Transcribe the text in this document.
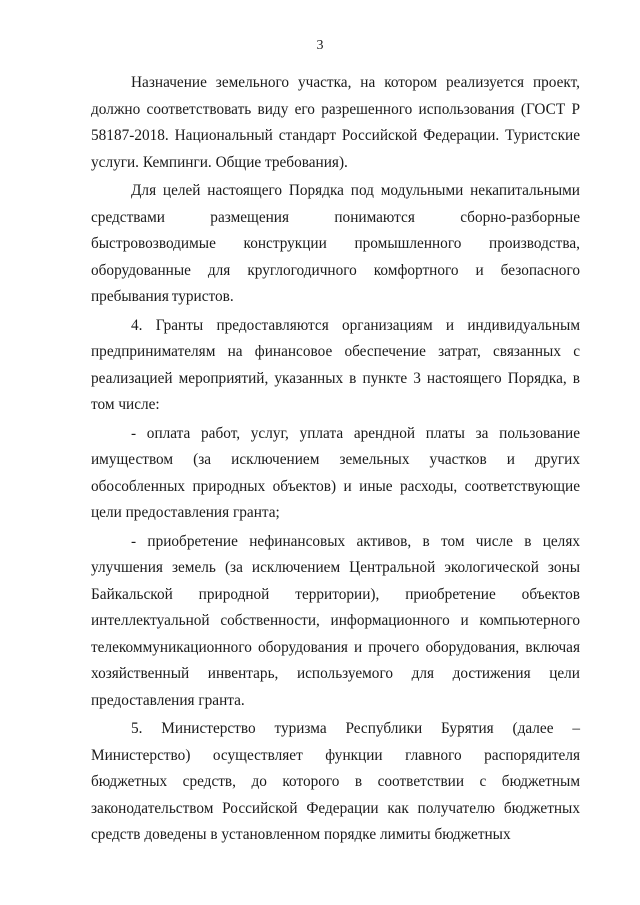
3

Назначение земельного участка, на котором реализуется проект, должно соответствовать виду его разрешенного использования (ГОСТ Р 58187-2018. Национальный стандарт Российской Федерации. Туристские услуги. Кемпинги. Общие требования).

Для целей настоящего Порядка под модульными некапитальными средствами размещения понимаются сборно-разборные быстровозводимые конструкции промышленного производства, оборудованные для круглогодичного комфортного и безопасного пребывания туристов.

4. Гранты предоставляются организациям и индивидуальным предпринимателям на финансовое обеспечение затрат, связанных с реализацией мероприятий, указанных в пункте 3 настоящего Порядка, в том числе:

- оплата работ, услуг, уплата арендной платы за пользование имуществом (за исключением земельных участков и других обособленных природных объектов) и иные расходы, соответствующие цели предоставления гранта;

- приобретение нефинансовых активов, в том числе в целях улучшения земель (за исключением Центральной экологической зоны Байкальской природной территории), приобретение объектов интеллектуальной собственности, информационного и компьютерного телекоммуникационного оборудования и прочего оборудования, включая хозяйственный инвентарь, используемого для достижения цели предоставления гранта.

5. Министерство туризма Республики Бурятия (далее – Министерство) осуществляет функции главного распорядителя бюджетных средств, до которого в соответствии с бюджетным законодательством Российской Федерации как получателю бюджетных средств доведены в установленном порядке лимиты бюджетных
